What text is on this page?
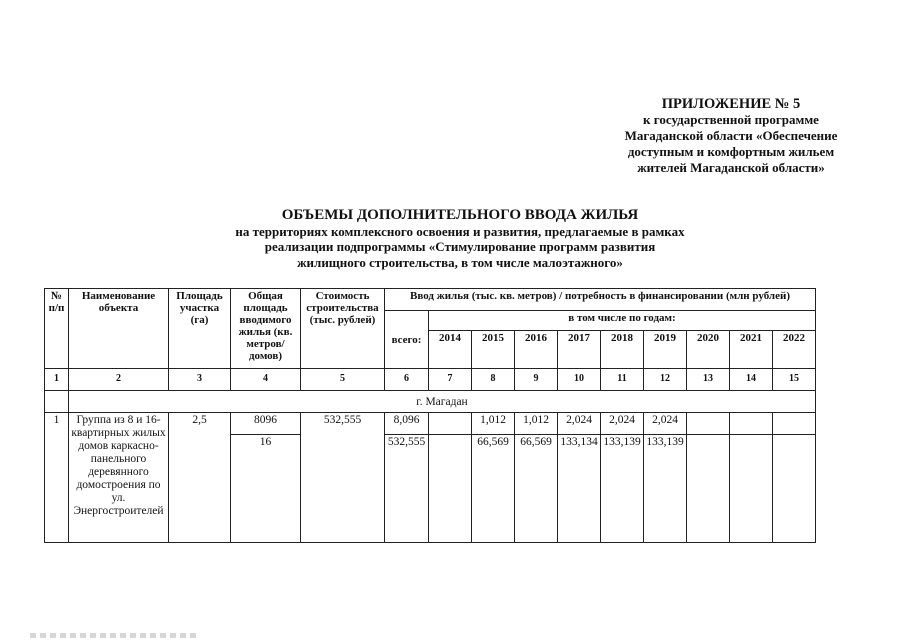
ПРИЛОЖЕНИЕ № 5
к государственной программе
Магаданской области «Обеспечение
доступным и комфортным жильем
жителей Магаданской области»
ОБЪЕМЫ ДОПОЛНИТЕЛЬНОГО ВВОДА ЖИЛЬЯ
на территориях комплексного освоения и развития, предлагаемые в рамках
реализации подпрограммы «Стимулирование программ развития
жилищного строительства, в том числе малоэтажного»
№ п/п	Наименование объекта	Площадь участка (га)	Общая площадь вводимого жилья (кв. метров/ домов)	Стоимость строительства (тыс. рублей)	Ввод жилья (тыс. кв. метров) / потребность в финансировании (млн рублей)									
					всего:	в том числе по годам:								
						2014	2015	2016	2017	2018	2019	2020	2021	2022
1	2	3	4	5	6	7	8	9	10	11	12	13	14	15
	г. Магадан													
1	Группа из 8 и 16-квартирных жилых домов каркасно-панельного деревянного домостроения по ул. Энергостроителей	2,5	8096	532,555	8,096		1,012	1,012	2,024	2,024	2,024			
			16		532,555		66,569	66,569	133,134	133,139	133,139			
